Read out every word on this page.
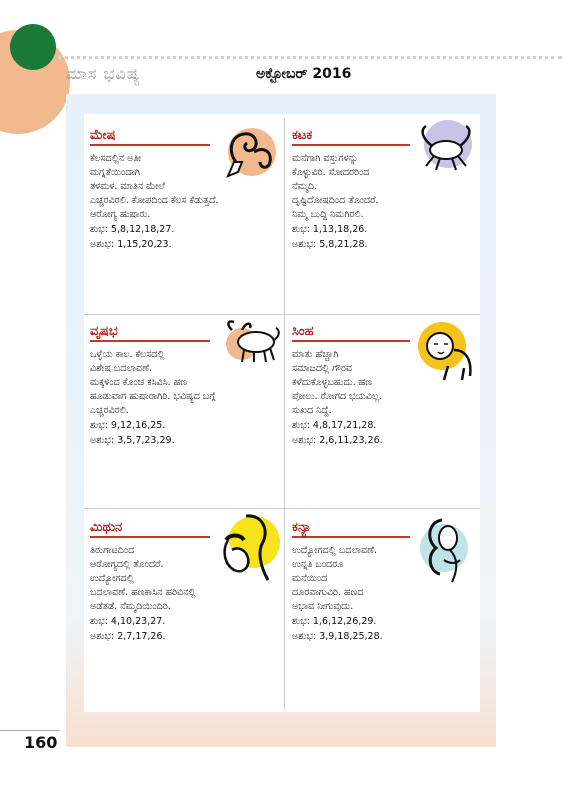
ಮಾಸ ಭವಿಷ್ಯ	ಅಕ್ಟೋಬರ್ 2016
ಮೇಷ
ಕೆಲಸದಲ್ಲಿನ ಅತೀ
ಮಗ್ನತೆಯಿಂದಾಗಿ
ತಳಮಳ. ಮಾತಿನ ಮೇಲೆ
ಎಚ್ಚರವಿರಲಿ. ಕೋಪದಿಂದ ಕೆಲಸ ಕೆಡುತ್ತದೆ.
ಆರೋಗ್ಯ ಹುಷಾರು.
ಶುಭ: 5,8,12,18,27.
ಅಶುಭ: 1,15,20,23.
ಕಟಕ
ಮನೆಗಾಗಿ ವಸ್ತುಗಳನ್ನು
ಕೊಳ್ಳುವಿರಿ. ಸೋದರರಿಂದ
ನೆಮ್ಮದಿ.
ದೃಷ್ಟಿದೋಷದಿಂದ ತೊಂದರೆ.
ನಿಮ್ಮ ಬುದ್ಧಿ ನಿಮಗಿರಲಿ.
ಶುಭ: 1,13,18,26.
ಅಶುಭ: 5,8,21,28.
ವೃಷಭ
ಒಳ್ಳೆಯ ಕಾಲ. ಕೆಲಸದಲ್ಲಿ
ವಿಶೇಷ ಬದಲಾವಣೆ.
ಮಕ್ಕಳಿಂದ ಕೊಂಚ ಕಸಿವಿಸಿ. ಹಣ
ಹೂಡುವಾಗ ಹುಷಾರಾಗಿರಿ. ಭವಿಷ್ಯದ ಬಗ್ಗೆ
ಎಚ್ಚರವಿರಲಿ.
ಶುಭ: 9,12,16,25.
ಅಶುಭ: 3,5,7,23,29.
ಸಿಂಹ
ಮಾತು ಹೆಚ್ಚಾಗಿ
ಸಮಾಜದಲ್ಲಿ ಗೌರವ
ಕಳೆದುಕೊಳ್ಳಬಹುದು. ಹಣ
ಪೋಲು. ರೋಗದ ಭಯವಿಲ್ಲ.
ಸುಖದ ನಿದ್ದೆ.
ಶುಭ: 4,8,17,21,28.
ಅಶುಭ: 2,6,11,23,26.
ಮಿಥುನ
ತಿರುಗಾಟದಿಂದ
ಆರೋಗ್ಯದಲ್ಲಿ ತೊಂದರೆ.
ಉದ್ಯೋಗದಲ್ಲಿ
ಬದಲಾವಣೆ. ಹಣಕಾಸಿನ ಹರಿವಿನಲ್ಲಿ
ಅಡೆತಡೆ. ನೆಮ್ಮದಿಯಿಂದಿರಿ.
ಶುಭ: 4,10,23,27.
ಅಶುಭ: 2,7,17,26.
ಕನ್ಯಾ
ಉದ್ಯೋಗದಲ್ಲಿ ಬದಲಾವಣೆ.
ಉನ್ನತಿ ಬಂದರೂ
ಮನೆಯಿಂದ
ದೂರವಾಗುವಿರಿ. ಹಣದ
ಅಭಾವ ನೀಗುವುದು.
ಶುಭ: 1,6,12,26,29.
ಅಶುಭ: 3,9,18,25,28.
160
